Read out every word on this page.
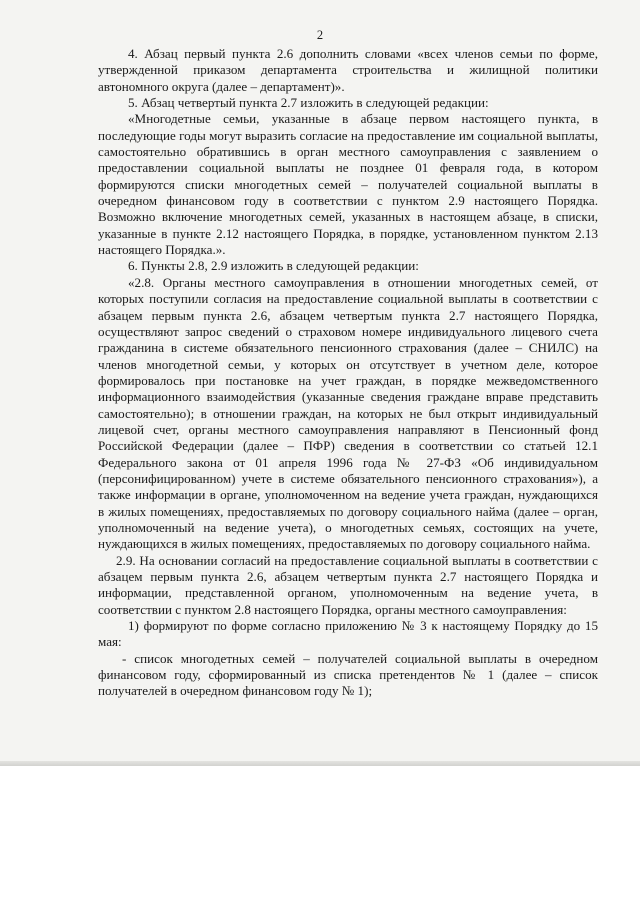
2

4. Абзац первый пункта 2.6 дополнить словами «всех членов семьи по форме, утвержденной приказом департамента строительства и жилищной политики автономного округа (далее – департамент)».

5. Абзац четвертый пункта 2.7 изложить в следующей редакции:

«Многодетные семьи, указанные в абзаце первом настоящего пункта, в последующие годы могут выразить согласие на предоставление им социальной выплаты, самостоятельно обратившись в орган местного самоуправления с заявлением о предоставлении социальной выплаты не позднее 01 февраля года, в котором формируются списки многодетных семей – получателей социальной выплаты в очередном финансовом году в соответствии с пунктом 2.9 настоящего Порядка. Возможно включение многодетных семей, указанных в настоящем абзаце, в списки, указанные в пункте 2.12 настоящего Порядка, в порядке, установленном пунктом 2.13 настоящего Порядка.».

6. Пункты 2.8, 2.9 изложить в следующей редакции:

«2.8. Органы местного самоуправления в отношении многодетных семей, от которых поступили согласия на предоставление социальной выплаты в соответствии с абзацем первым пункта 2.6, абзацем четвертым пункта 2.7 настоящего Порядка, осуществляют запрос сведений о страховом номере индивидуального лицевого счета гражданина в системе обязательного пенсионного страхования (далее – СНИЛС) на членов многодетной семьи, у которых он отсутствует в учетном деле, которое формировалось при постановке на учет граждан, в порядке межведомственного информационного взаимодействия (указанные сведения граждане вправе представить самостоятельно); в отношении граждан, на которых не был открыт индивидуальный лицевой счет, органы местного самоуправления направляют в Пенсионный фонд Российской Федерации (далее – ПФР) сведения в соответствии со статьей 12.1 Федерального закона от 01 апреля 1996 года № 27-ФЗ «Об индивидуальном (персонифицированном) учете в системе обязательного пенсионного страхования»), а также информации в органе, уполномоченном на ведение учета граждан, нуждающихся в жилых помещениях, предоставляемых по договору социального найма (далее – орган, уполномоченный на ведение учета), о многодетных семьях, состоящих на учете, нуждающихся в жилых помещениях, предоставляемых по договору социального найма.

2.9. На основании согласий на предоставление социальной выплаты в соответствии с абзацем первым пункта 2.6, абзацем четвертым пункта 2.7 настоящего Порядка и информации, представленной органом, уполномоченным на ведение учета, в соответствии с пунктом 2.8 настоящего Порядка, органы местного самоуправления:

1) формируют по форме согласно приложению № 3 к настоящему Порядку до 15 мая:

- список многодетных семей – получателей социальной выплаты в очередном финансовом году, сформированный из списка претендентов № 1 (далее – список получателей в очередном финансовом году № 1);
